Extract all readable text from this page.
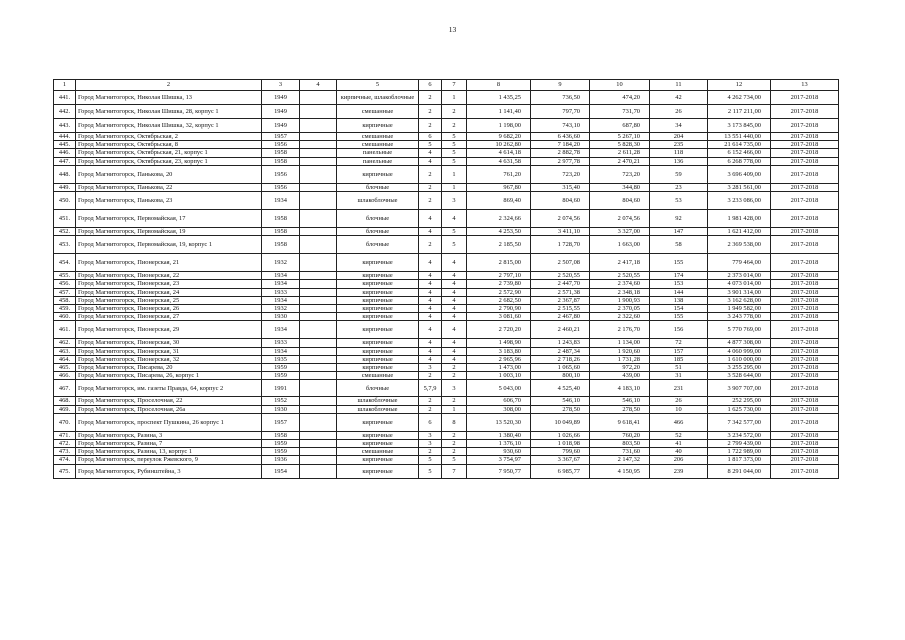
13
1	2	3	4	5	6	7	8	9	10	11	12	13
441.	Город Магнитогорск, Николая Шишка, 13	1949		кирпичные, шлакоблочные	2	1	1 435,25	736,50	474,20	42	4 262 734,00	2017-2018
442.	Город Магнитогорск, Николая Шишка, 28, корпус 1	1949		смешанные	2	2	1 141,40	797,70	731,70	26	2 117 211,00	2017-2018
443.	Город Магнитогорск, Николая Шишка, 32, корпус 1	1949		кирпичные	2	2	1 198,00	743,10	687,80	34	3 173 845,00	2017-2018
444.	Город Магнитогорск, Октябрьская, 2	1957		смешанные	6	5	9 682,20	6 436,60	5 267,10	204	13 551 440,00	2017-2018
445.	Город Магнитогорск, Октябрьская, 8	1956		смешанные	5	5	10 262,80	7 184,20	5 828,30	235	21 614 735,00	2017-2018
446.	Город Магнитогорск, Октябрьская, 21, корпус 1	1958		панельные	4	5	4 614,18	2 882,78	2 611,28	118	6 152 466,00	2017-2018
447.	Город Магнитогорск, Октябрьская, 23, корпус 1	1958		панельные	4	5	4 631,58	2 977,78	2 470,21	136	6 268 778,00	2017-2018
448.	Город Магнитогорск, Панькова, 20	1956		кирпичные	2	1	761,20	723,20	723,20	59	3 696 409,00	2017-2018
449.	Город Магнитогорск, Панькова, 22	1956		блочные	2	1	967,80	315,40	344,80	23	3 281 561,00	2017-2018
450.	Город Магнитогорск, Панькова, 23	1934		шлакоблочные	2	3	869,40	804,60	804,60	53	3 233 086,00	2017-2018
451.	Город Магнитогорск, Первомайская, 17	1958		блочные	4	4	2 324,66	2 074,56	2 074,56	92	1 981 428,00	2017-2018
452.	Город Магнитогорск, Первомайская, 19	1958		блочные	4	5	4 253,50	3 411,10	3 327,00	147	1 621 412,00	2017-2018
453.	Город Магнитогорск, Первомайская, 19, корпус 1	1958		блочные	2	5	2 185,50	1 728,70	1 663,00	58	2 369 538,00	2017-2018
454.	Город Магнитогорск, Пионерская, 21	1932		кирпичные	4	4	2 815,00	2 507,08	2 417,18	155	779 464,00	2017-2018
455.	Город Магнитогорск, Пионерская, 22	1934		кирпичные	4	4	2 797,10	2 520,55	2 520,55	174	2 373 014,00	2017-2018
456.	Город Магнитогорск, Пионерская, 23	1934		кирпичные	4	4	2 739,80	2 447,70	2 374,60	153	4 073 014,00	2017-2018
457.	Город Магнитогорск, Пионерская, 24	1933		кирпичные	4	4	2 572,90	2 571,38	2 348,18	144	3 901 314,00	2017-2018
458.	Город Магнитогорск, Пионерская, 25	1934		кирпичные	4	4	2 682,50	2 367,87	1 900,93	138	3 162 628,00	2017-2018
459.	Город Магнитогорск, Пионерская, 26	1932		кирпичные	4	4	2 790,90	2 515,55	2 370,05	154	1 949 582,00	2017-2018
460.	Город Магнитогорск, Пионерская, 27	1930		кирпичные	4	4	3 081,60	2 467,80	2 322,60	155	3 243 778,00	2017-2018
461.	Город Магнитогорск, Пионерская, 29	1934		кирпичные	4	4	2 720,20	2 460,21	2 176,70	156	5 770 769,00	2017-2018
462.	Город Магнитогорск, Пионерская, 30	1933		кирпичные	4	4	1 498,90	1 243,83	1 134,00	72	4 877 308,00	2017-2018
463.	Город Магнитогорск, Пионерская, 31	1934		кирпичные	4	4	3 183,80	2 487,34	1 920,60	157	4 060 999,00	2017-2018
464.	Город Магнитогорск, Пионерская, 32	1935		кирпичные	4	4	2 965,96	2 718,26	1 731,28	185	1 610 000,00	2017-2018
465.	Город Магнитогорск, Писарева, 20	1959		кирпичные	3	2	1 473,00	1 065,60	972,20	51	3 255 295,00	2017-2018
466.	Город Магнитогорск, Писарева, 26, корпус 1	1959		смешанные	2	2	1 003,10	800,10	439,00	31	3 528 644,00	2017-2018
467.	Город Магнитогорск, им. газеты Правда, 64, корпус 2	1991		блочные	5,7,9	3	5 043,00	4 525,40	4 183,10	231	3 907 707,00	2017-2018
468.	Город Магнитогорск, Проселочная, 22	1952		шлакоблочные	2	2	606,70	546,10	546,10	26	252 295,00	2017-2018
469.	Город Магнитогорск, Проселочная, 26а	1930		шлакоблочные	2	1	308,00	278,50	278,50	10	1 625 730,00	2017-2018
470.	Город Магнитогорск, проспект Пушкина, 26 корпус 1	1957		кирпичные	6	8	13 520,30	10 049,89	9 618,41	466	7 342 577,00	2017-2018
471.	Город Магнитогорск, Разина, 3	1958		кирпичные	3	2	1 380,40	1 026,66	760,20	52	3 234 572,00	2017-2018
472.	Город Магнитогорск, Разина, 7	1959		кирпичные	3	2	1 376,10	1 018,98	803,50	41	2 799 439,00	2017-2018
473.	Город Магнитогорск, Разина, 13, корпус 1	1959		смешанные	2	2	930,60	799,60	731,60	40	1 722 989,00	2017-2018
474.	Город Магнитогорск, переулок Ржевского, 9	1936		кирпичные	5	5	3 754,97	3 367,67	2 147,32	206	1 817 373,00	2017-2018
475.	Город Магнитогорск, Рубинштейна, 3	1954		кирпичные	5	7	7 950,77	6 985,77	4 150,95	239	8 291 044,00	2017-2018
